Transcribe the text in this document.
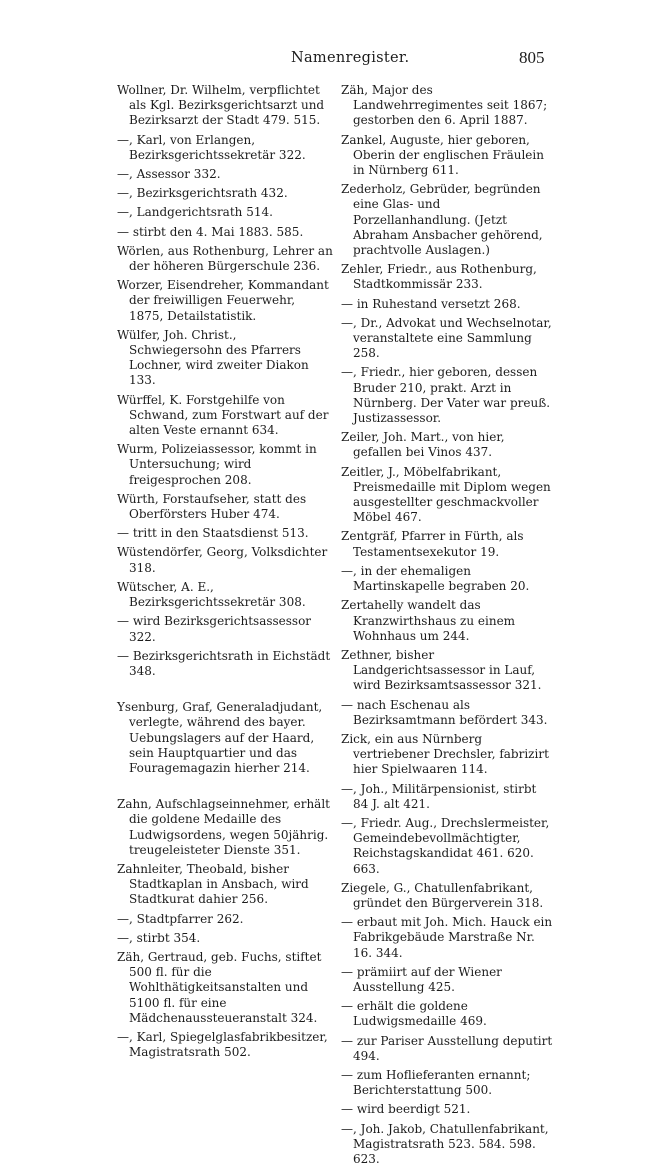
Namenregister.	805

Wollner, Dr. Wilhelm, verpflichtet als Kgl. Bezirksgerichtsarzt und Bezirksarzt der Stadt 479. 515.

—, Karl, von Erlangen, Bezirksgerichtssekretär 322.

—, Assessor 332.

—, Bezirksgerichtsrath 432.

—, Landgerichtsrath 514.

— stirbt den 4. Mai 1883. 585.

Wörlen, aus Rothenburg, Lehrer an der höheren Bürgerschule 236.

Worzer, Eisendreher, Kommandant der freiwilligen Feuerwehr, 1875, Detailstatistik.

Wülfer, Joh. Christ., Schwiegersohn des Pfarrers Lochner, wird zweiter Diakon 133.

Würffel, K. Forstgehilfe von Schwand, zum Forstwart auf der alten Veste ernannt 634.

Wurm, Polizeiassessor, kommt in Untersuchung; wird freigesprochen 208.

Würth, Forstaufseher, statt des Oberförsters Huber 474.

— tritt in den Staatsdienst 513.

Wüstendörfer, Georg, Volksdichter 318.

Wütscher, A. E., Bezirksgerichtssekretär 308.

— wird Bezirksgerichtsassessor 322.

— Bezirksgerichtsrath in Eichstädt 348.

Ysenburg, Graf, Generaladjudant, verlegte, während des bayer. Uebungslagers auf der Haard, sein Hauptquartier und das Fouragemagazin hierher 214.

Zahn, Aufschlagseinnehmer, erhält die goldene Medaille des Ludwigsordens, wegen 50jährig. treugeleisteter Dienste 351.

Zahnleiter, Theobald, bisher Stadtkaplan in Ansbach, wird Stadtkurat dahier 256.

—, Stadtpfarrer 262.

—, stirbt 354.

Zäh, Gertraud, geb. Fuchs, stiftet 500 fl. für die Wohlthätigkeitsanstalten und 5100 fl. für eine Mädchenaussteueranstalt 324.

—, Karl, Spiegelglasfabrikbesitzer, Magistratsrath 502.

Zäh, Major des Landwehrregimentes seit 1867; gestorben den 6. April 1887.

Zankel, Auguste, hier geboren, Oberin der englischen Fräulein in Nürnberg 611.

Zederholz, Gebrüder, begründen eine Glas- und Porzellanhandlung. (Jetzt Abraham Ansbacher gehörend, prachtvolle Auslagen.)

Zehler, Friedr., aus Rothenburg, Stadtkommissär 233.

— in Ruhestand versetzt 268.

—, Dr., Advokat und Wechselnotar, veranstaltete eine Sammlung 258.

—, Friedr., hier geboren, dessen Bruder 210, prakt. Arzt in Nürnberg. Der Vater war preuß. Justizassessor.

Zeiler, Joh. Mart., von hier, gefallen bei Vinos 437.

Zeitler, J., Möbelfabrikant, Preismedaille mit Diplom wegen ausgestellter geschmackvoller Möbel 467.

Zentgräf, Pfarrer in Fürth, als Testamentsexekutor 19.

—, in der ehemaligen Martinskapelle begraben 20.

Zertahelly wandelt das Kranzwirthshaus zu einem Wohnhaus um 244.

Zethner, bisher Landgerichtsassessor in Lauf, wird Bezirksamtsassessor 321.

— nach Eschenau als Bezirksamtmann befördert 343.

Zick, ein aus Nürnberg vertriebener Drechsler, fabrizirt hier Spielwaaren 114.

—, Joh., Militärpensionist, stirbt 84 J. alt 421.

—, Friedr. Aug., Drechslermeister, Gemeindebevollmächtigter, Reichstagskandidat 461. 620. 663.

Ziegele, G., Chatullenfabrikant, gründet den Bürgerverein 318.

— erbaut mit Joh. Mich. Hauck ein Fabrikgebäude Marstraße Nr. 16. 344.

— prämiirt auf der Wiener Ausstellung 425.

— erhält die goldene Ludwigsmedaille 469.

— zur Pariser Ausstellung deputirt 494.

— zum Hoflieferanten ernannt; Berichterstattung 500.

— wird beerdigt 521.

—, Joh. Jakob, Chatullenfabrikant, Magistratsrath 523. 584. 598. 623.
